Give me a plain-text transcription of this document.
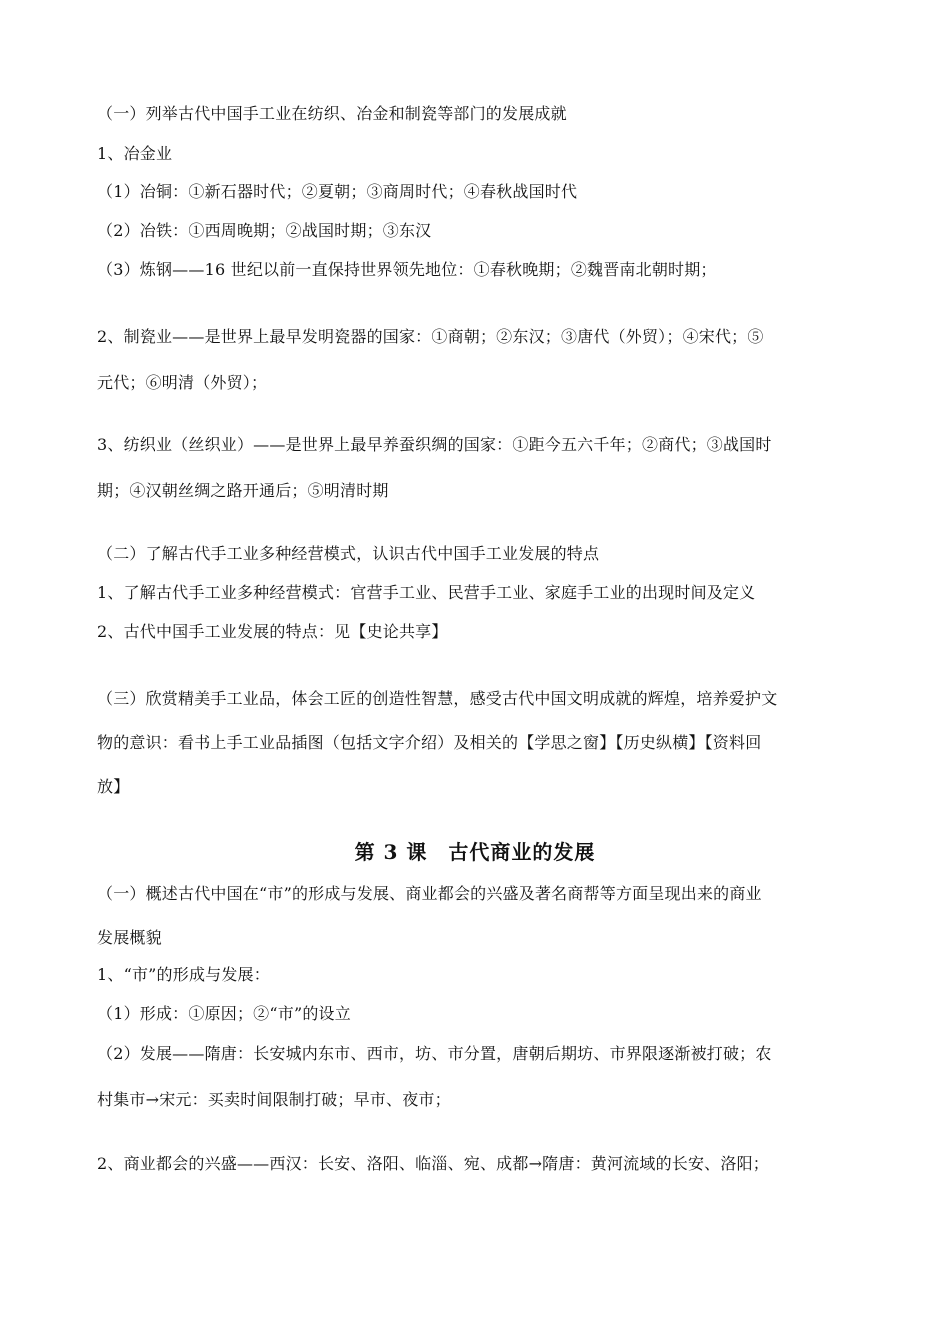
（一）列举古代中国手工业在纺织、冶金和制瓷等部门的发展成就
1、冶金业
（1）冶铜：①新石器时代；②夏朝；③商周时代；④春秋战国时代
（2）冶铁：①西周晚期；②战国时期；③东汉
（3）炼钢——16 世纪以前一直保持世界领先地位：①春秋晚期；②魏晋南北朝时期；
2、制瓷业——是世界上最早发明瓷器的国家：①商朝；②东汉；③唐代（外贸）；④宋代；⑤
元代；⑥明清（外贸）；
3、纺织业（丝织业）——是世界上最早养蚕织绸的国家：①距今五六千年；②商代；③战国时
期；④汉朝丝绸之路开通后；⑤明清时期
（二）了解古代手工业多种经营模式，认识古代中国手工业发展的特点
1、了解古代手工业多种经营模式：官营手工业、民营手工业、家庭手工业的出现时间及定义
2、古代中国手工业发展的特点：见【史论共享】
（三）欣赏精美手工业品，体会工匠的创造性智慧，感受古代中国文明成就的辉煌，培养爱护文
物的意识：看书上手工业品插图（包括文字介绍）及相关的【学思之窗】【历史纵横】【资料回
放】
第 3 课　古代商业的发展
（一）概述古代中国在“市”的形成与发展、商业都会的兴盛及著名商帮等方面呈现出来的商业
发展概貌
1、“市”的形成与发展：
（1）形成：①原因；②“市”的设立
（2）发展——隋唐：长安城内东市、西市，坊、市分置，唐朝后期坊、市界限逐渐被打破；农
村集市→宋元：买卖时间限制打破；早市、夜市；
2、商业都会的兴盛——西汉：长安、洛阳、临淄、宛、成都→隋唐：黄河流域的长安、洛阳；
